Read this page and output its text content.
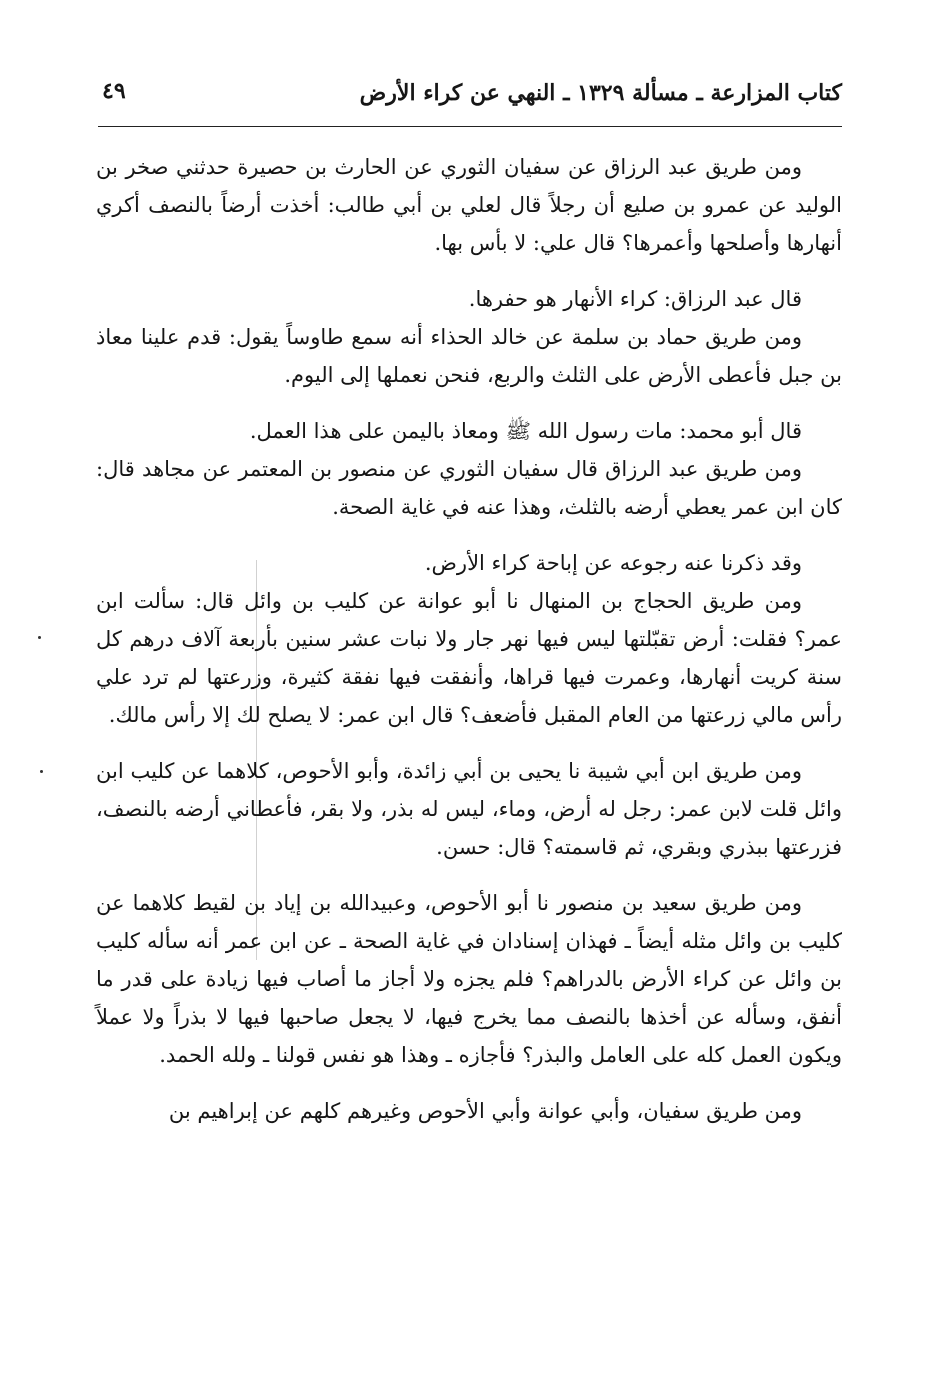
كتاب المزارعة ـ مسألة ١٣٢٩ ـ النهي عن كراء الأرض
٤٩

ومن طريق عبد الرزاق عن سفيان الثوري عن الحارث بن حصيرة حدثني صخر بن الوليد عن عمرو بن صليع أن رجلاً قال لعلي بن أبي طالب: أخذت أرضاً بالنصف أكري أنهارها وأصلحها وأعمرها؟ قال علي: لا بأس بها.

قال عبد الرزاق: كراء الأنهار هو حفرها.

ومن طريق حماد بن سلمة عن خالد الحذاء أنه سمع طاوساً يقول: قدم علينا معاذ بن جبل فأعطى الأرض على الثلث والربع، فنحن نعملها إلى اليوم.

قال أبو محمد: مات رسول الله ﷺ ومعاذ باليمن على هذا العمل.

ومن طريق عبد الرزاق قال سفيان الثوري عن منصور بن المعتمر عن مجاهد قال: كان ابن عمر يعطي أرضه بالثلث، وهذا عنه في غاية الصحة.

وقد ذكرنا عنه رجوعه عن إباحة كراء الأرض.

ومن طريق الحجاج بن المنهال نا أبو عوانة عن كليب بن وائل قال: سألت ابن عمر؟ فقلت: أرض تقبّلتها ليس فيها نهر جار ولا نبات عشر سنين بأربعة آلاف درهم كل سنة كريت أنهارها، وعمرت فيها قراها، وأنفقت فيها نفقة كثيرة، وزرعتها لم ترد علي رأس مالي زرعتها من العام المقبل فأضعف؟ قال ابن عمر: لا يصلح لك إلا رأس مالك.

ومن طريق ابن أبي شيبة نا يحيى بن أبي زائدة، وأبو الأحوص، كلاهما عن كليب ابن وائل قلت لابن عمر: رجل له أرض، وماء، ليس له بذر، ولا بقر، فأعطاني أرضه بالنصف، فزرعتها ببذري وبقري، ثم قاسمته؟ قال: حسن.

ومن طريق سعيد بن منصور نا أبو الأحوص، وعبيدالله بن إياد بن لقيط كلاهما عن كليب بن وائل مثله أيضاً ـ فهذان إسنادان في غاية الصحة ـ عن ابن عمر أنه سأله كليب بن وائل عن كراء الأرض بالدراهم؟ فلم يجزه ولا أجاز ما أصاب فيها زيادة على قدر ما أنفق، وسأله عن أخذها بالنصف مما يخرج فيها، لا يجعل صاحبها فيها لا بذراً ولا عملاً ويكون العمل كله على العامل والبذر؟ فأجازه ـ وهذا هو نفس قولنا ـ ولله الحمد.

ومن طريق سفيان، وأبي عوانة وأبي الأحوص وغيرهم كلهم عن إبراهيم بن
